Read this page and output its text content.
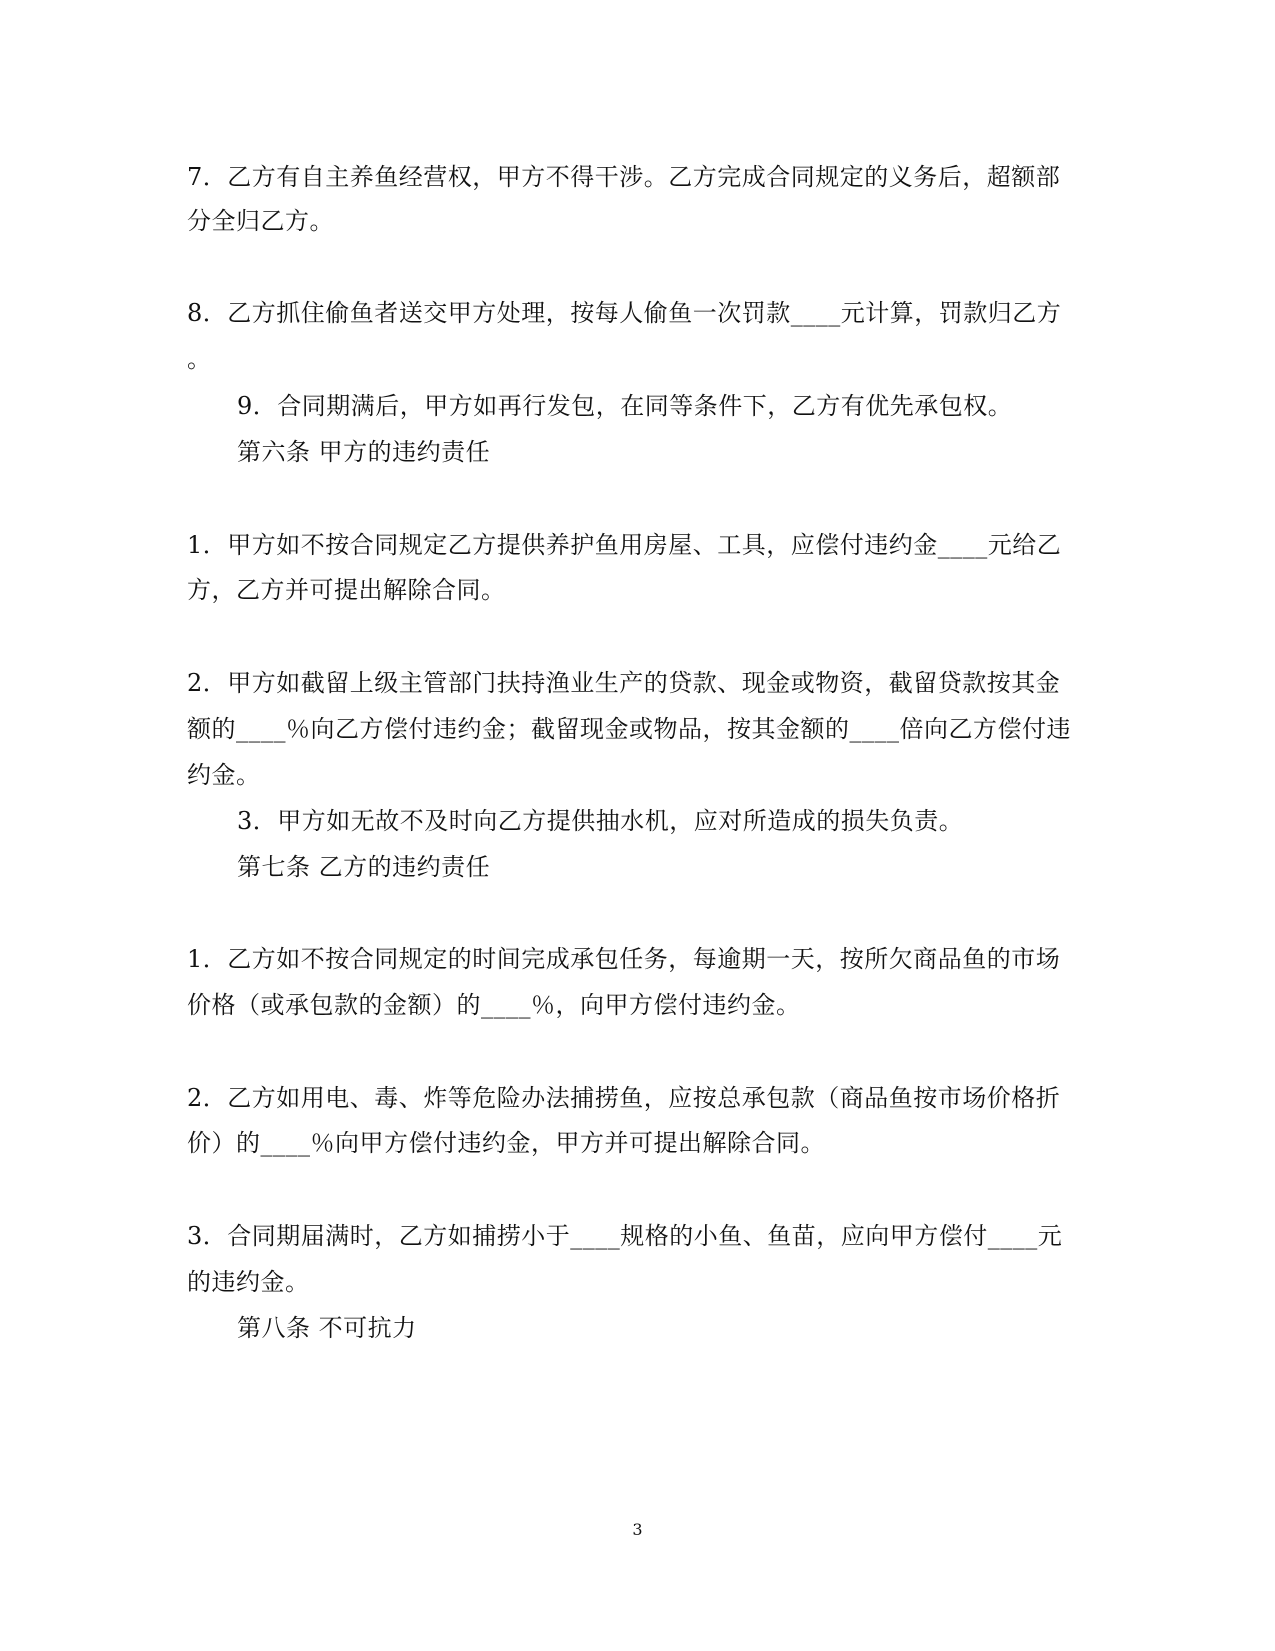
7．乙方有自主养鱼经营权，甲方不得干涉。乙方完成合同规定的义务后，超额部
分全归乙方。
8．乙方抓住偷鱼者送交甲方处理，按每人偷鱼一次罚款____元计算，罚款归乙方
。
9．合同期满后，甲方如再行发包，在同等条件下，乙方有优先承包权。
第六条 甲方的违约责任
1．甲方如不按合同规定乙方提供养护鱼用房屋、工具，应偿付违约金____元给乙
方，乙方并可提出解除合同。
2．甲方如截留上级主管部门扶持渔业生产的贷款、现金或物资，截留贷款按其金
额的____％向乙方偿付违约金；截留现金或物品，按其金额的____倍向乙方偿付违
约金。
3．甲方如无故不及时向乙方提供抽水机，应对所造成的损失负责。
第七条 乙方的违约责任
1．乙方如不按合同规定的时间完成承包任务，每逾期一天，按所欠商品鱼的市场
价格（或承包款的金额）的____％，向甲方偿付违约金。
2．乙方如用电、毒、炸等危险办法捕捞鱼，应按总承包款（商品鱼按市场价格折
价）的____％向甲方偿付违约金，甲方并可提出解除合同。
3．合同期届满时，乙方如捕捞小于____规格的小鱼、鱼苗，应向甲方偿付____元
的违约金。
第八条 不可抗力
3
